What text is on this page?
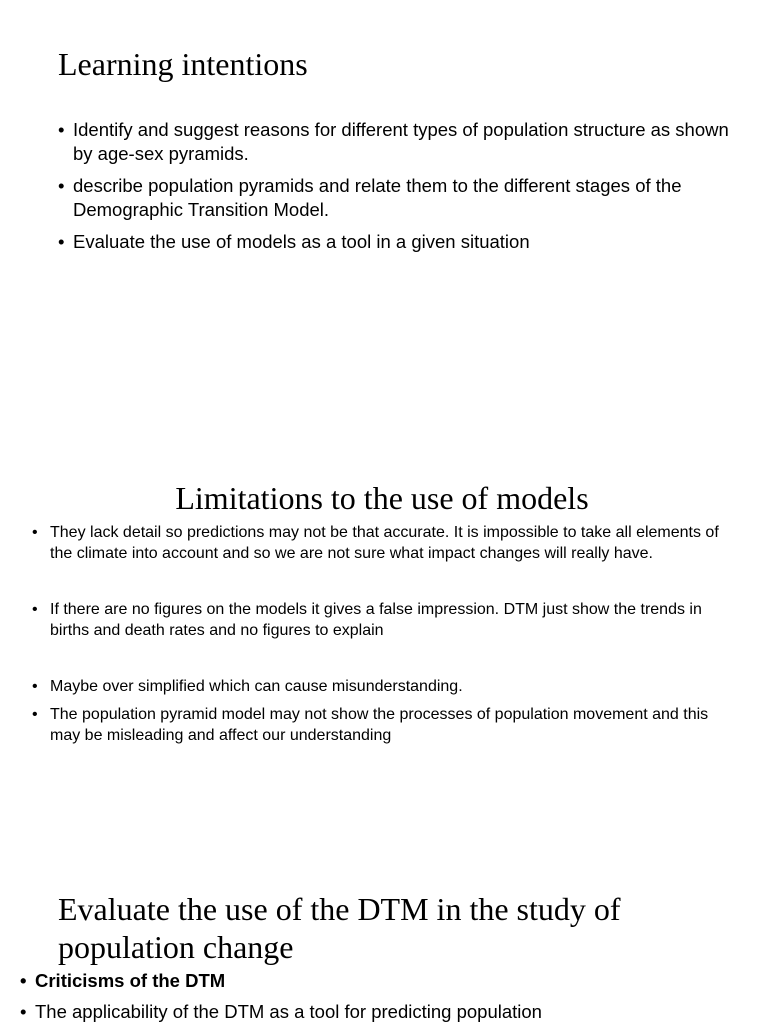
Learning intentions
• Identify and suggest reasons for different types of population structure as shown by age-sex pyramids.
• describe population pyramids and relate them to the different stages of the Demographic Transition Model.
• Evaluate the use of models as a tool in a given situation
Limitations to the use of models
• They lack detail so predictions may not be that accurate. It is impossible to take all elements of the climate into account and so we are not sure what impact changes will really have.
• If there are no figures on the models it gives a false impression. DTM just show the trends in births and death rates and no figures to explain
• Maybe over simplified which can cause misunderstanding.
• The population pyramid model may not show the processes of population movement and this may be misleading and affect our understanding
Evaluate the use of the DTM in the study of population change
• Criticisms of the DTM
• The applicability of the DTM as a tool for predicting population
